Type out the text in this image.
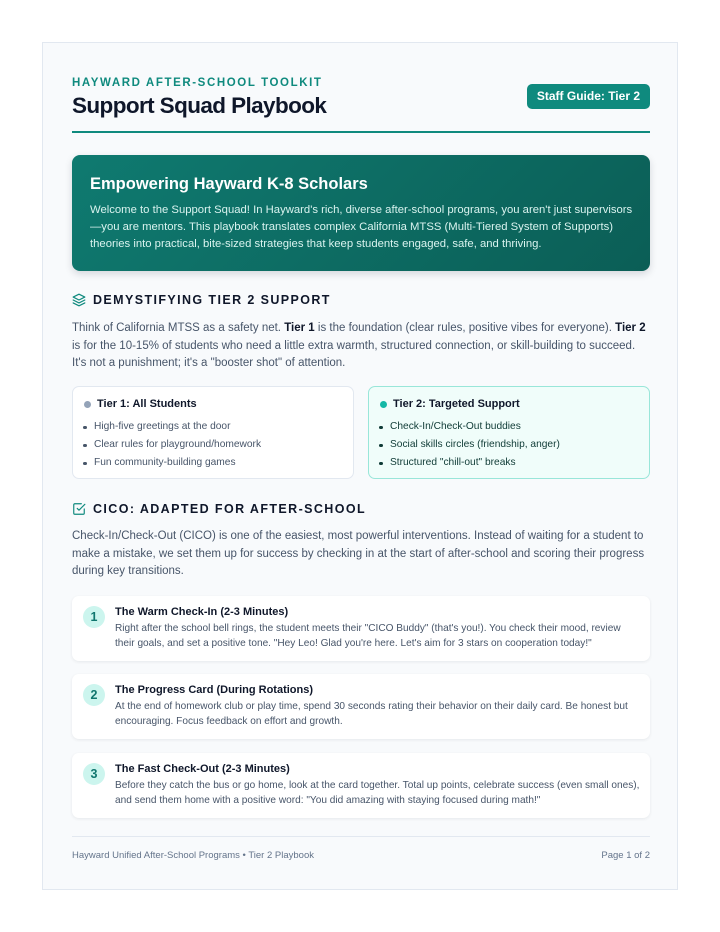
HAYWARD AFTER-SCHOOL TOOLKIT
Support Squad Playbook	Staff Guide: Tier 2
Empowering Hayward K-8 Scholars
Welcome to the Support Squad! In Hayward's rich, diverse after-school programs, you aren't just supervisors—you are mentors. This playbook translates complex California MTSS (Multi-Tiered System of Supports) theories into practical, bite-sized strategies that keep students engaged, safe, and thriving.
DEMYSTIFYING TIER 2 SUPPORT

Think of California MTSS as a safety net. Tier 1 is the foundation (clear rules, positive vibes for everyone). Tier 2 is for the 10-15% of students who need a little extra warmth, structured connection, or skill-building to succeed. It's not a punishment; it's a "booster shot" of attention.

Tier 1: All Students
High-five greetings at the door
Clear rules for playground/homework
Fun community-building games
Tier 2: Targeted Support
Check-In/Check-Out buddies
Social skills circles (friendship, anger)
Structured "chill-out" breaks
CICO: ADAPTED FOR AFTER-SCHOOL

Check-In/Check-Out (CICO) is one of the easiest, most powerful interventions. Instead of waiting for a student to make a mistake, we set them up for success by checking in at the start of after-school and scoring their progress during key transitions.

1	The Warm Check-In (2-3 Minutes)
Right after the school bell rings, the student meets their "CICO Buddy" (that's you!). You check their mood, review their goals, and set a positive tone. "Hey Leo! Glad you're here. Let's aim for 3 stars on cooperation today!"
2	The Progress Card (During Rotations)
At the end of homework club or play time, spend 30 seconds rating their behavior on their daily card. Be honest but encouraging. Focus feedback on effort and growth.
3	The Fast Check-Out (2-3 Minutes)
Before they catch the bus or go home, look at the card together. Total up points, celebrate success (even small ones), and send them home with a positive word: "You did amazing with staying focused during math!"
Hayward Unified After-School Programs • Tier 2 Playbook	Page 1 of 2
